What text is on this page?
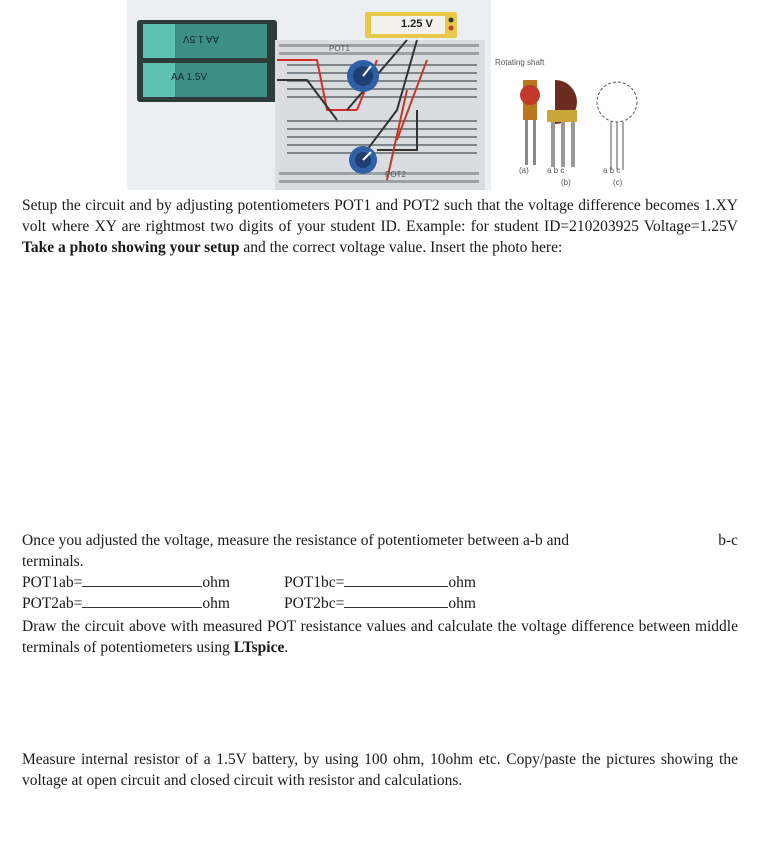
AA 1.5V
AA 1.5V
1.25 V
POT1
POT2
Rotating shaft
(a)
(b)	(c)
a b c	a b c
Setup the circuit and by adjusting potentiometers POT1 and POT2 such that the voltage difference becomes 1.XY volt where XY are rightmost two digits of your student ID. Example: for student ID=210203925 Voltage=1.25V Take a photo showing your setup and the correct voltage value. Insert the photo here:
Once you adjusted the voltage, measure the resistance of potentiometer between a-b and	b-c
terminals.
POT1ab=	ohm	POT1bc=	ohm
POT2ab=	ohm	POT2bc=	ohm
Draw the circuit above with measured POT resistance values and calculate the voltage difference between middle terminals of potentiometers using LTspice.
Measure internal resistor of a 1.5V battery, by using 100 ohm, 10ohm etc. Copy/paste the pictures showing the voltage at open circuit and closed circuit with resistor and calculations.
